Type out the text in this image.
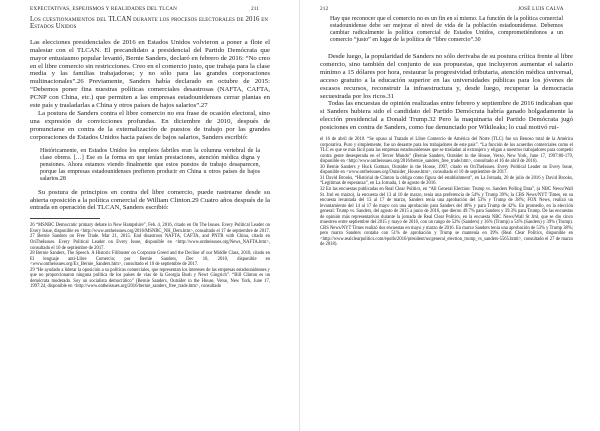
EXPECTATIVAS, ESPEJISMOS Y REALIDADES DEL TLCAN	211
Los cuestionamientos del TLCAN durante los procesos electorales de 2016 en Estados Unidos

Las elecciones presidenciales de 2016 en Estados Unidos volvieron a poner a flote el malestar con el TLCAN. El precandidato a presidencial del Partido Demócrata que mayor entusiasmo popular levantó, Bernie Sanders, declaró en febrero de 2016: “No creo en el libre comercio sin restricciones. Creo en el comercio justo, que trabaja para la clase media y las familias trabajadoras; y no sólo para las grandes corporaciones multinacionales”.26 Previamente, Sanders había declarado en octubre de 2015: “Debemos poner fina nuestras políticas comerciales desastrosas (NAFTA, CAFTA, PCNP con China, etc.) que permiten a las empresas estadounidenses cerrar plantas en este país y trasladarlas a China y otros países de bajos salarios”.27

La postura de Sanders contra el libre comercio no era frase de ocasión electoral, sino una expresión de convicciones profundas. En diciembre de 2010, después de pronunciarse en contra de la externalización de puestos de trabajo por las grandes corporaciones de Estados Unidos hacia países de bajos salarios, Sanders escribió:

Históricamente, en Estados Unidos los empleos fabriles eran la columna vertebral de la clase obrera. […] Ese es la forma en que tenían prestaciones, atención médica digna y pensiones. Ahora estamos viendo finalmente que estos puestos de trabajo desaparecen, porque las empresas estadounidenses prefieren producir en China u otros países de bajos salarios.28

Su postura de principios en contra del libre comercio, puede rastrearse desde su abierta oposición a la política comercial de William Clinton.29 Cuatro años después de la entrada en operación del TLCAN, Sanders escribió:

26 “MSNBC Democratic primary debate in New Hampshire”, Feb. 4, 2016, citado en On The Issues. Every Political Leader on Every Issue, disponible en <http://www.ontheissues.org/2016/MSNBC_NH_Dem.htm>, consultado el 17 de septiembre de 2017.

27 Bernie Sanders on Free Trade. Mar 21, 2015. End disastrous NAFTA, CAFTA, and PNTR with China, citado en OnTheIssues. Every Political Leader on Every Issue, disponible en <http://www.ontheissues.org/News_NAFTA.htm>, consultado el 10 de septiembre de 2017.

28 Bernie Sanders, The Speech. A Historic Filibuster on Corporate Greed and the Decline of our Middle Class, 2010, citado en El lenguaje anti-Libre Comercio; por Bernie Sanders, Dec 10, 2010, disponible en <www.ontheissues.org/Ex_Bernie_Sanders.htm>, consultado el 10 de septiembre de 2017.

29 “He ayudado a liderar la oposición a su políticas comerciales, que representan los intereses de las empresas estadounidenses y que no proporcionaron ninguna política de los países de vías de la Georgia Bush y Newt Gingrich”. “Bill Clinton es un demócrata moderado. Soy un socialista democrático” (Bernie Sanders, Outsider in the House, Verso, New York, June 17, 1997:24, disponible en <http://www.ontheissues.org/2016/bernie_sanders_free_trade.htm>, consultado

212	JOSÉ LUIS CALVA

Hay que reconocer que el comercio no es un fin en sí mismo. La función de la política comercial estadounidense debe ser mejorar el nivel de vida de la población estadounidense. Debemos cambiar radicalmente la política comercial de Estados Unidos, comprometiéndonos a un comercio “justo” en lugar de la política de “libre comercio”.30

Desde luego, la popularidad de Sanders no sólo derivaba de su postura crítica frente al libre comercio, sino también del conjunto de sus propuestas, que incluyeron aumentar el salario mínimo a 15 dólares por hora, restaurar la progresividad tributaria, atención médica universal, acceso gratuito a la educación superior en las universidades públicas para los jóvenes de escasos recursos, reconstruir la infraestructura y, desde luego, recuperar la democracia secuestrada por los ricos.31

Todas las encuestas de opinión realizadas entre febrero y septiembre de 2016 indicaban que si Sanders hubiera sido el candidato del Partido Demócrata habría ganado holgadamente la elección presidencial a Donald Trump.32 Pero la maquinaria del Partido Demócrata jugó posiciones en contra de Sanders, como fue denunciado por Wikileaks; lo cual motivó rui-

el 16 de abril de 2010. “Se opuso al Tratado el Libre Comercio de América del Norte (TLC) fue un Benoso total de la América corporativa. Puro y simplemente, fue un desastre para los trabajadores de este país”. “La función de los acuerdos comerciales como el TLC es que se más fácil para las empresas estadounidenses que se trasladan al extranjero y eligan a nuestros trabajadores para competir contra gente desesperada en el Tercer Mundo” (Bernie Sanders, Outsider in the House, Verso, New York, June 17, 1997:80-179, disponible en <http://www.ontheissues.org/2016/bernie_sanders_free_trade.htm>, consultado el 16 de abril de 2016).

30 Bernie Sanders y Huck Gutman, Outsider in the House, 1997, citado en OnTheIssues. Every Political Leader on Every Issue, disponible en <www.ontheissues.org/Outsider_House.htm>, consultado el 10 de septiembre de 2017.

31 David Brooks, “Histórial de Clinton la obliga como figura del establishment”, en La Jornada, 20 de julio de 2016 y David Brooks, “Legítimas de esperanza”, en La Jornada, 1 de agosto de 2016.

32 En las encuestas publicadas en Real Clear Politics, en “All General Election: Trump vs. Sanders Polling Data”, (a NBC News/Wall St. Jrnl en marzo), la encuesta del 13 al 10 de marzo, tenía una preferencia de 54% y Trump 39%; la CBS News/NYT Times, en su encuesta levantada del 13 al 17 de marzo, Sanders tenía una aprobación del 53% y Trump de 38%; FOX News, realizó un levantamiento del 14 al 17 de mayo con una aprobación para Sanders del 46% y para Trump de 42%. En promedio, en la elección general: Trump vs. Sanders, del agosto de 2015 a junio de 2016, que dieron 49.7% para Sanders y 39.3% para Trump. De las encuestas de opinión más representativas durante la jornada de Real Clear Politics, en la encuesta NBC News/Wall St Jrnl, que se dio cinco muestreo entre septiembre del 2015 y mayo de 2016, con un rango de 52% (Sanders) y 36% (Trump) a 54% (Sanders) y 39% (Trump). CBS News/NYT Times realizó dos encuestas en mayo y marzo de 2016. En marzo Sanders tenía una aprobación de 53% y Trump 38%; pero marzo Sanders contaba con 51% de aprobación y Trump se mantenía en 39% (Real Clear Politics, disponible en <http://www.realclearpolitics.com/epolls/2016/president/us/general_election_trump_vs_sanders-5565.html>, consultado el 27 de marzo de 2018).
